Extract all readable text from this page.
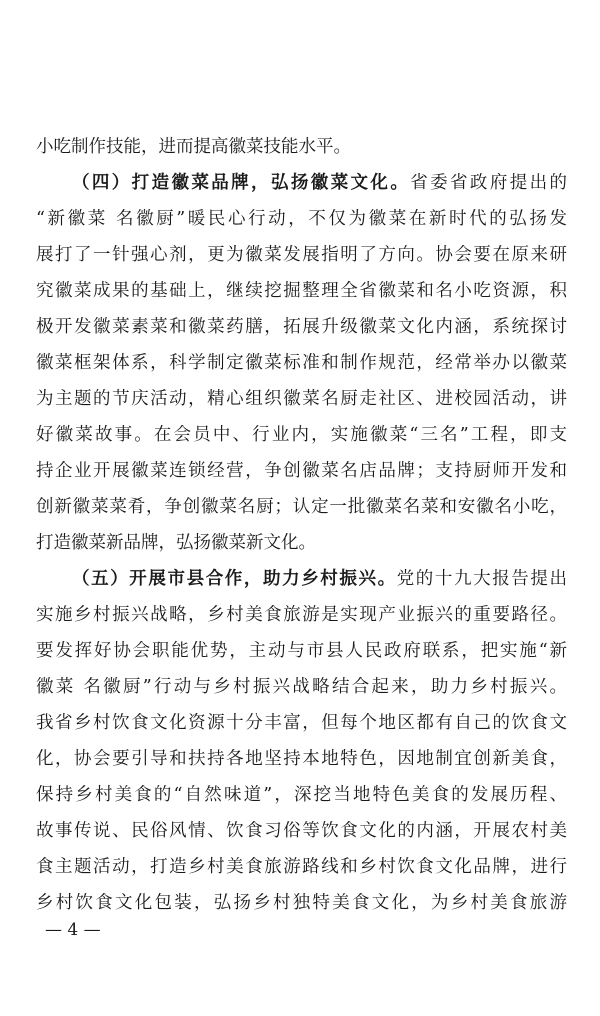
小吃制作技能，进而提高徽菜技能水平。
（四）打造徽菜品牌，弘扬徽菜文化。省委省政府提出的
“新徽菜 名徽厨”暖民心行动，不仅为徽菜在新时代的弘扬发
展打了一针强心剂，更为徽菜发展指明了方向。协会要在原来研
究徽菜成果的基础上，继续挖掘整理全省徽菜和名小吃资源，积
极开发徽菜素菜和徽菜药膳，拓展升级徽菜文化内涵，系统探讨
徽菜框架体系，科学制定徽菜标准和制作规范，经常举办以徽菜
为主题的节庆活动，精心组织徽菜名厨走社区、进校园活动，讲
好徽菜故事。在会员中、行业内，实施徽菜“三名”工程，即支
持企业开展徽菜连锁经营，争创徽菜名店品牌；支持厨师开发和
创新徽菜菜肴，争创徽菜名厨；认定一批徽菜名菜和安徽名小吃，
打造徽菜新品牌，弘扬徽菜新文化。
（五）开展市县合作，助力乡村振兴。党的十九大报告提出
实施乡村振兴战略，乡村美食旅游是实现产业振兴的重要路径。
要发挥好协会职能优势，主动与市县人民政府联系，把实施“新
徽菜 名徽厨”行动与乡村振兴战略结合起来，助力乡村振兴。
我省乡村饮食文化资源十分丰富，但每个地区都有自己的饮食文
化，协会要引导和扶持各地坚持本地特色，因地制宜创新美食，
保持乡村美食的“自然味道”，深挖当地特色美食的发展历程、
故事传说、民俗风情、饮食习俗等饮食文化的内涵，开展农村美
食主题活动，打造乡村美食旅游路线和乡村饮食文化品牌，进行
乡村饮食文化包装，弘扬乡村独特美食文化，为乡村美食旅游
— 4 —
